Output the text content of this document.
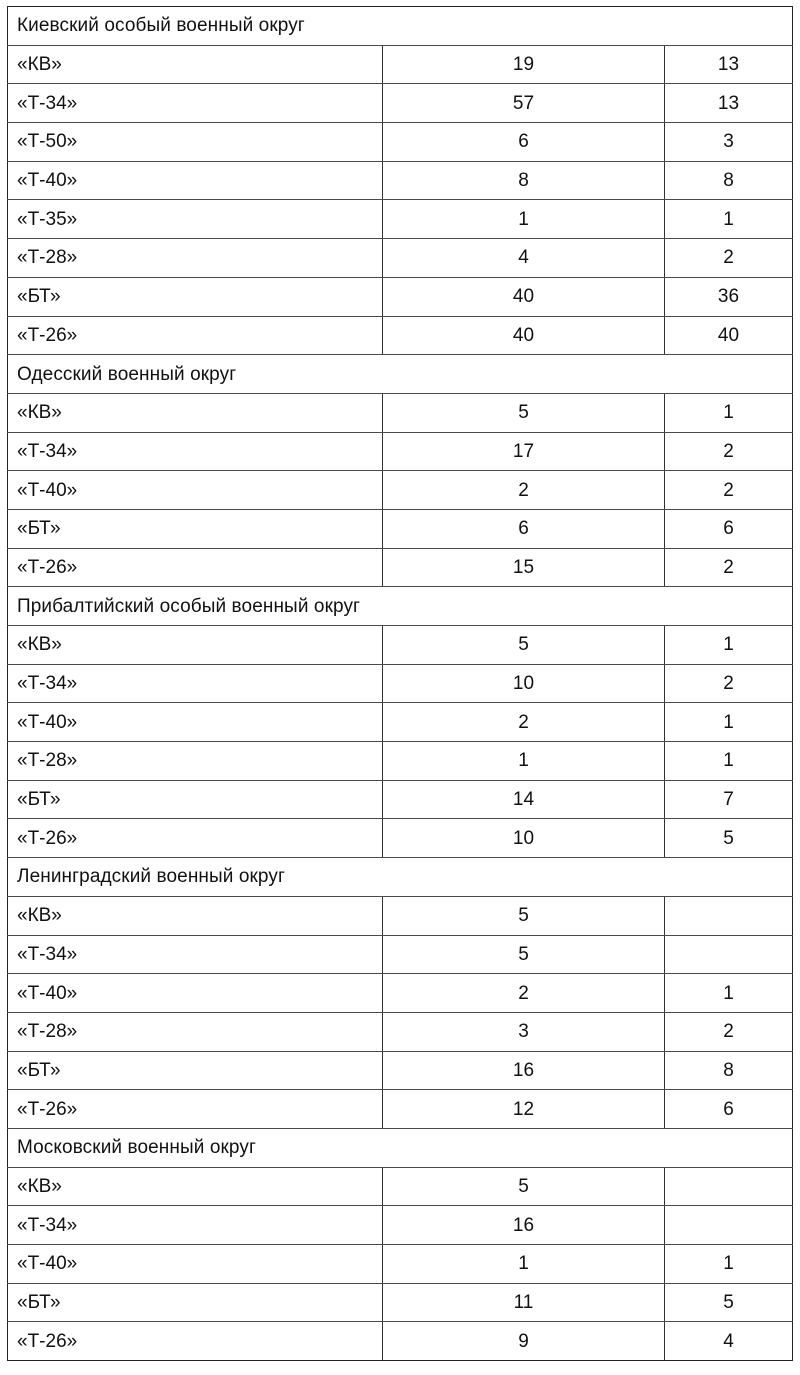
Киевский особый военный округ		
«КВ»	19	13
«Т-34»	57	13
«Т-50»	6	3
«Т-40»	8	8
«Т-35»	1	1
«Т-28»	4	2
«БТ»	40	36
«Т-26»	40	40
Одесский военный округ		
«КВ»	5	1
«Т-34»	17	2
«Т-40»	2	2
«БТ»	6	6
«Т-26»	15	2
Прибалтийский особый военный округ		
«КВ»	5	1
«Т-34»	10	2
«Т-40»	2	1
«Т-28»	1	1
«БТ»	14	7
«Т-26»	10	5
Ленинградский военный округ		
«КВ»	5	
«Т-34»	5	
«Т-40»	2	1
«Т-28»	3	2
«БТ»	16	8
«Т-26»	12	6
Московский военный округ		
«КВ»	5	
«Т-34»	16	
«Т-40»	1	1
«БТ»	11	5
«Т-26»	9	4
